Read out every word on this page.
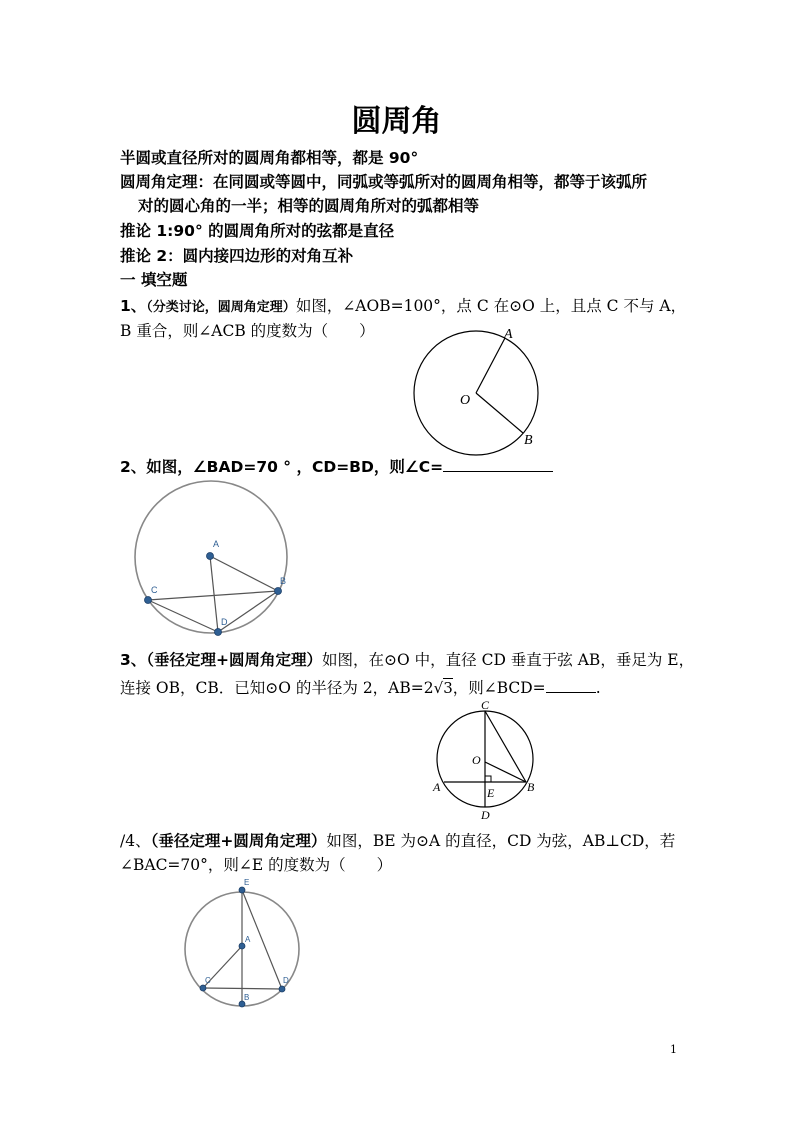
圆周角
半圆或直径所对的圆周角都相等，都是 90°
圆周角定理：在同圆或等圆中，同弧或等弧所对的圆周角相等，都等于该弧所
对的圆心角的一半；相等的圆周角所对的弧都相等
推论 1:90° 的圆周角所对的弦都是直径
推论 2：圆内接四边形的对角互补
一 填空题
1、（分类讨论，圆周角定理）如图，∠AOB=100°，点 C 在⊙O 上，且点 C 不与 A，
B 重合，则∠ACB 的度数为（　　）	A
O
B
2、如图，∠BAD=70 ° ，CD=BD，则∠C=
A
B
C
D
3、（垂径定理+圆周角定理）如图，在⊙O 中，直径 CD 垂直于弦 AB，垂足为 E，
连接 OB，CB．已知⊙O 的半径为 2，AB=2√3，则∠BCD=	.
C
O
A	B
E
D
/4、（垂径定理+圆周角定理）如图，BE 为⊙A 的直径，CD 为弦，AB⊥CD，若
∠BAC=70°，则∠E 的度数为（　　）
E
A
C	D
B
1
